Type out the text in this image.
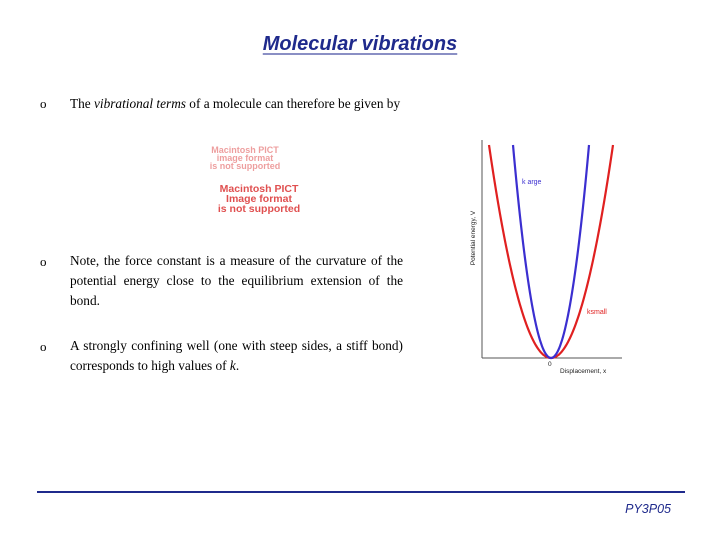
Molecular vibrations
o The vibrational terms of a molecule can therefore be given by
Macintosh PICT
image format
is not supported
Macintosh PICT
Image format
is not supported
o Note, the force constant is a measure of the curvature of the potential energy close to the equilibrium extension of the bond.
o A strongly confining well (one with steep sides, a stiff bond) corresponds to high values of k.
Potential energy, V
Displacement, x
0
k arge
ksmall
PY3P05
